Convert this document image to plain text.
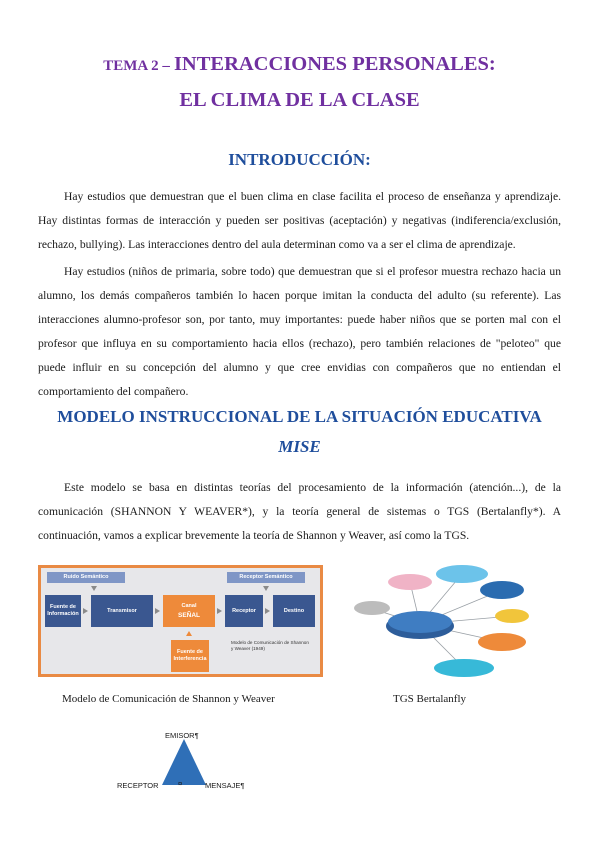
TEMA 2 – INTERACCIONES PERSONALES:
EL CLIMA DE LA CLASE
INTRODUCCIÓN:

Hay estudios que demuestran que el buen clima en clase facilita el proceso de enseñanza y aprendizaje. Hay distintas formas de interacción y pueden ser positivas (aceptación) y negativas (indiferencia/exclusión, rechazo, bullying). Las interacciones dentro del aula determinan como va a ser el clima de aprendizaje.

Hay estudios (niños de primaria, sobre todo) que demuestran que si el profesor muestra rechazo hacia un alumno, los demás compañeros también lo hacen porque imitan la conducta del adulto (su referente). Las interacciones alumno-profesor son, por tanto, muy importantes: puede haber niños que se porten mal con el profesor que influya en su comportamiento hacia ellos (rechazo), pero también relaciones de "peloteo" que puede influir en su concepción del alumno y que cree envidias con compañeros que no entiendan el comportamiento del compañero.

MODELO INSTRUCCIONAL DE LA SITUACIÓN EDUCATIVA
MISE

Este modelo se basa en distintas teorías del procesamiento de la información (atención...), de la comunicación (SHANNON Y WEAVER*), y la teoría general de sistemas o TGS (Bertalanfly*). A continuación, vamos a explicar brevemente la teoría de Shannon y Weaver, así como la TGS.

Ruido Semántico	Receptor Semántico
Fuente de Información
Transmisor
Canal
SEÑAL
Receptor	Destino
Fuente de Interferencia
Modelo de Comunicación de Shannon y Weaver (1949)
Modelo de Comunicación de Shannon y Weaver	TGS Bertalanfly
EMISOR¶
RECEPTOR	MENSAJE¶
¤
